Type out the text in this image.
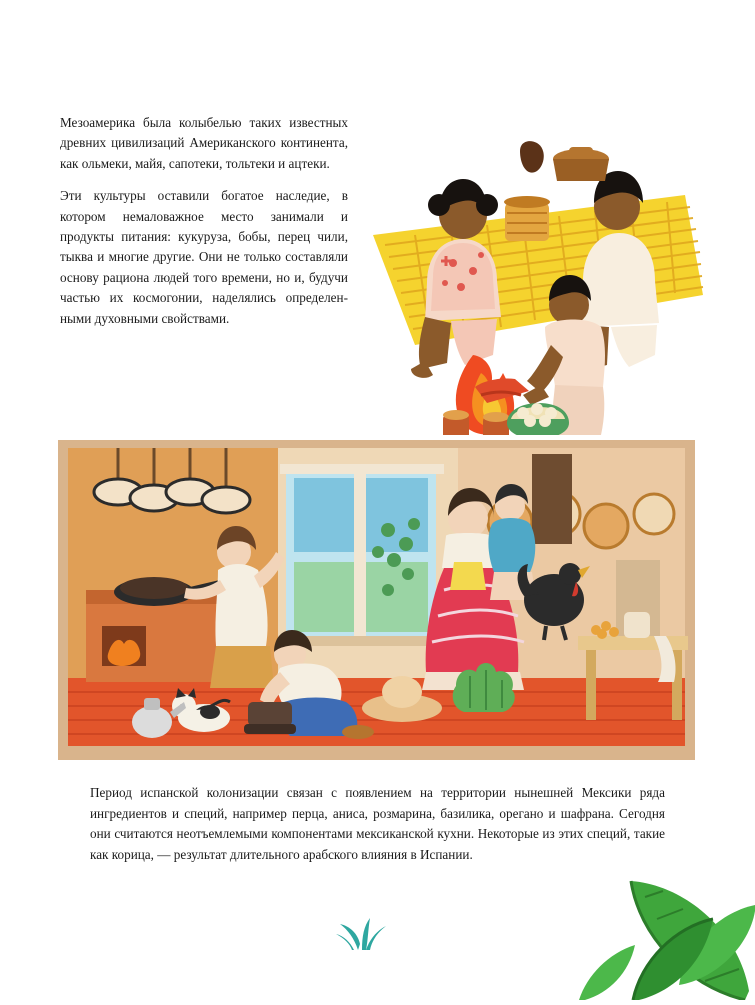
Мезоамерика была колыбелью таких известных древних цивилизаций Американского континента, как ольмеки, майя, сапотеки, тольтеки и ацтеки.

Эти культуры оставили богатое наследие, в котором немаловажное место занимали и продукты питания: кукуруза, бобы, перец чили, тыква и многие другие. Они не только составляли основу рациона людей того времени, но и, будучи частью их космогонии, наделялись определенными духовными свойствами.

Период испанской колонизации связан с появлением на территории нынешней Мексики ряда ингредиентов и специй, например перца, аниса, розмарина, базилика, орегано и шафрана. Сегодня они считаются неотъемлемыми компонентами мексиканской кухни. Некоторые из этих специй, такие как корица, — результат длительного арабского влияния в Испании.
